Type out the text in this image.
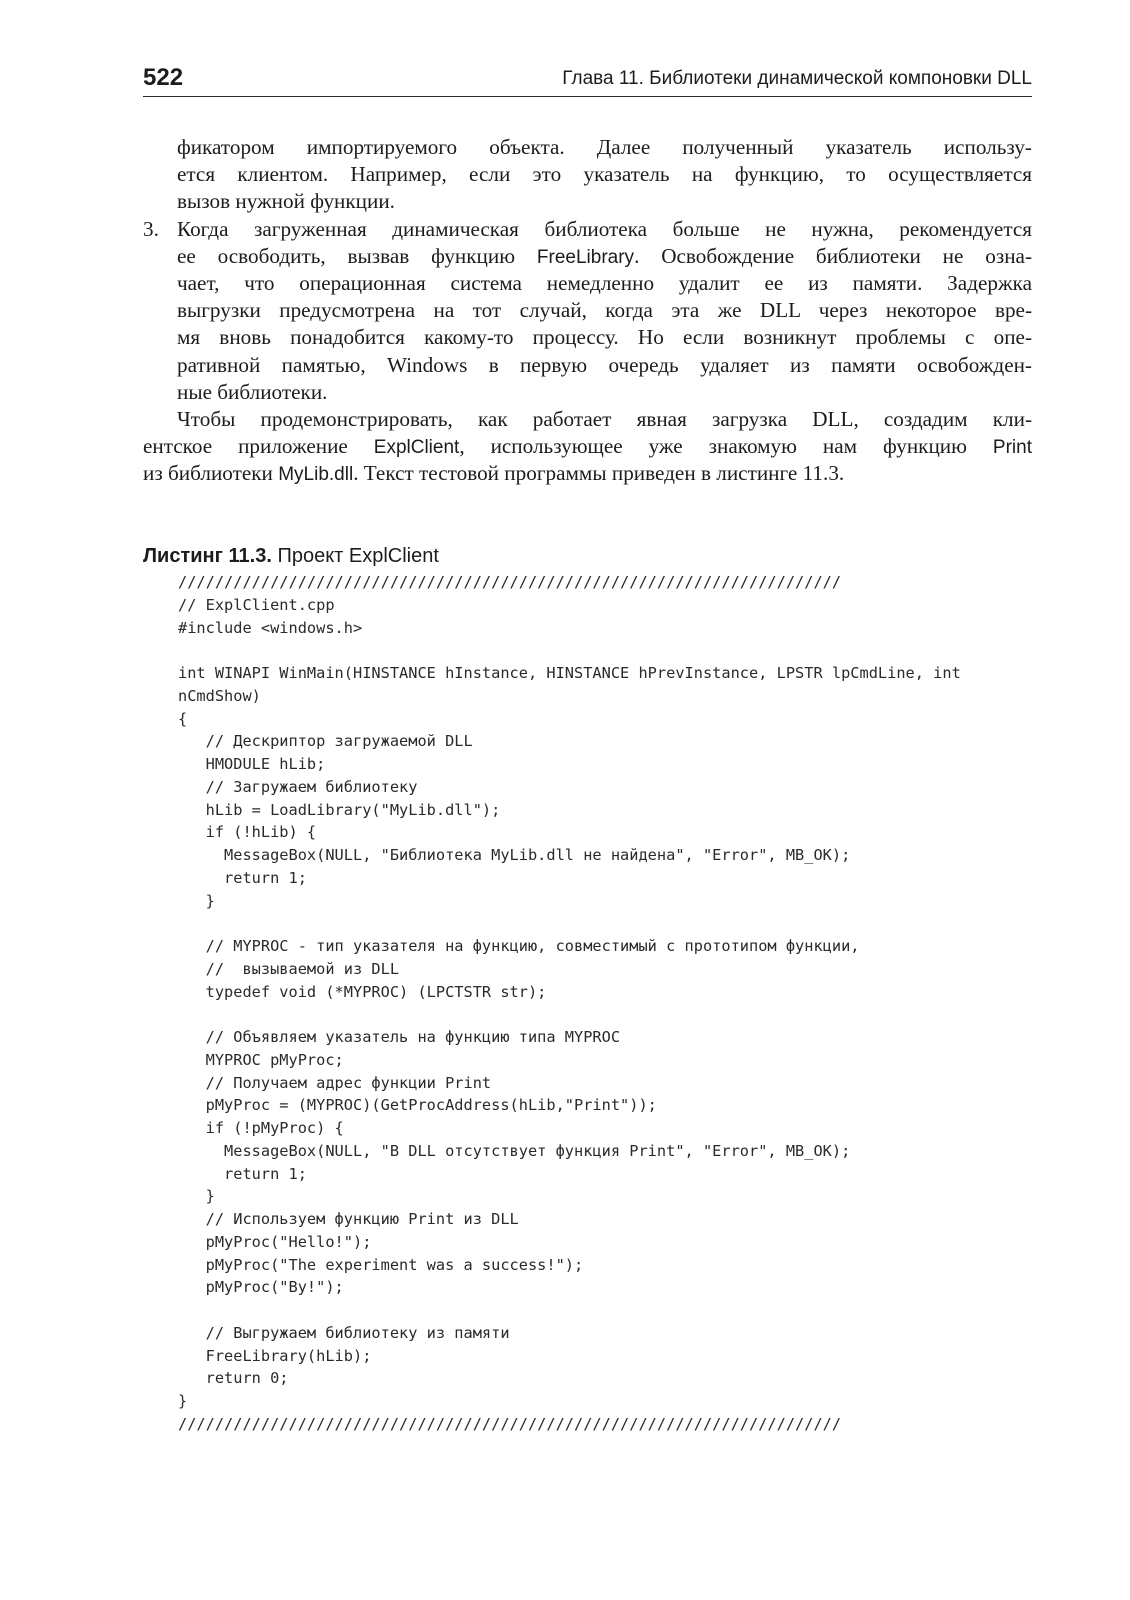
522	Глава 11. Библиотеки динамической компоновки DLL
фикатором импортируемого объекта. Далее полученный указатель использу-
ется клиентом. Например, если это указатель на функцию, то осуществляется
вызов нужной функции.
3. Когда загруженная динамическая библиотека больше не нужна, рекомендуется
ее освободить, вызвав функцию FreeLibrary. Освобождение библиотеки не озна-
чает, что операционная система немедленно удалит ее из памяти. Задержка
выгрузки предусмотрена на тот случай, когда эта же DLL через некоторое вре-
мя вновь понадобится какому-то процессу. Но если возникнут проблемы с опе-
ративной памятью, Windows в первую очередь удаляет из памяти освобожден-
ные библиотеки.
Чтобы продемонстрировать, как работает явная загрузка DLL, создадим кли-
ентское приложение ExplClient, использующее уже знакомую нам функцию Print
из библиотеки MyLib.dll. Текст тестовой программы приведен в листинге 11.3.
Листинг 11.3. Проект ExplClient
////////////////////////////////////////////////////////////////////////
// ExplClient.cpp
#include <windows.h>
int WINAPI WinMain(HINSTANCE hInstance, HINSTANCE hPrevInstance, LPSTR lpCmdLine, int
nCmdShow)
{
// Дескриптор загружаемой DLL
HMODULE hLib;
// Загружаем библиотеку
hLib = LoadLibrary("MyLib.dll");
if (!hLib) {
MessageBox(NULL, "Библиотека MyLib.dll не найдена", "Error", MB_OK);
return 1;
}
// MYPROC - тип указателя на функцию, совместимый с прототипом функции,
//  вызываемой из DLL
typedef void (*MYPROC) (LPCTSTR str);
// Объявляем указатель на функцию типа MYPROC
MYPROC pMyProc;
// Получаем адрес функции Print
pMyProc = (MYPROC)(GetProcAddress(hLib,"Print"));
if (!pMyProc) {
MessageBox(NULL, "В DLL отсутствует функция Print", "Error", MB_OK);
return 1;
}
// Используем функцию Print из DLL
pMyProc("Hello!");
pMyProc("The experiment was a success!");
pMyProc("By!");
// Выгружаем библиотеку из памяти
FreeLibrary(hLib);
return 0;
}
////////////////////////////////////////////////////////////////////////
